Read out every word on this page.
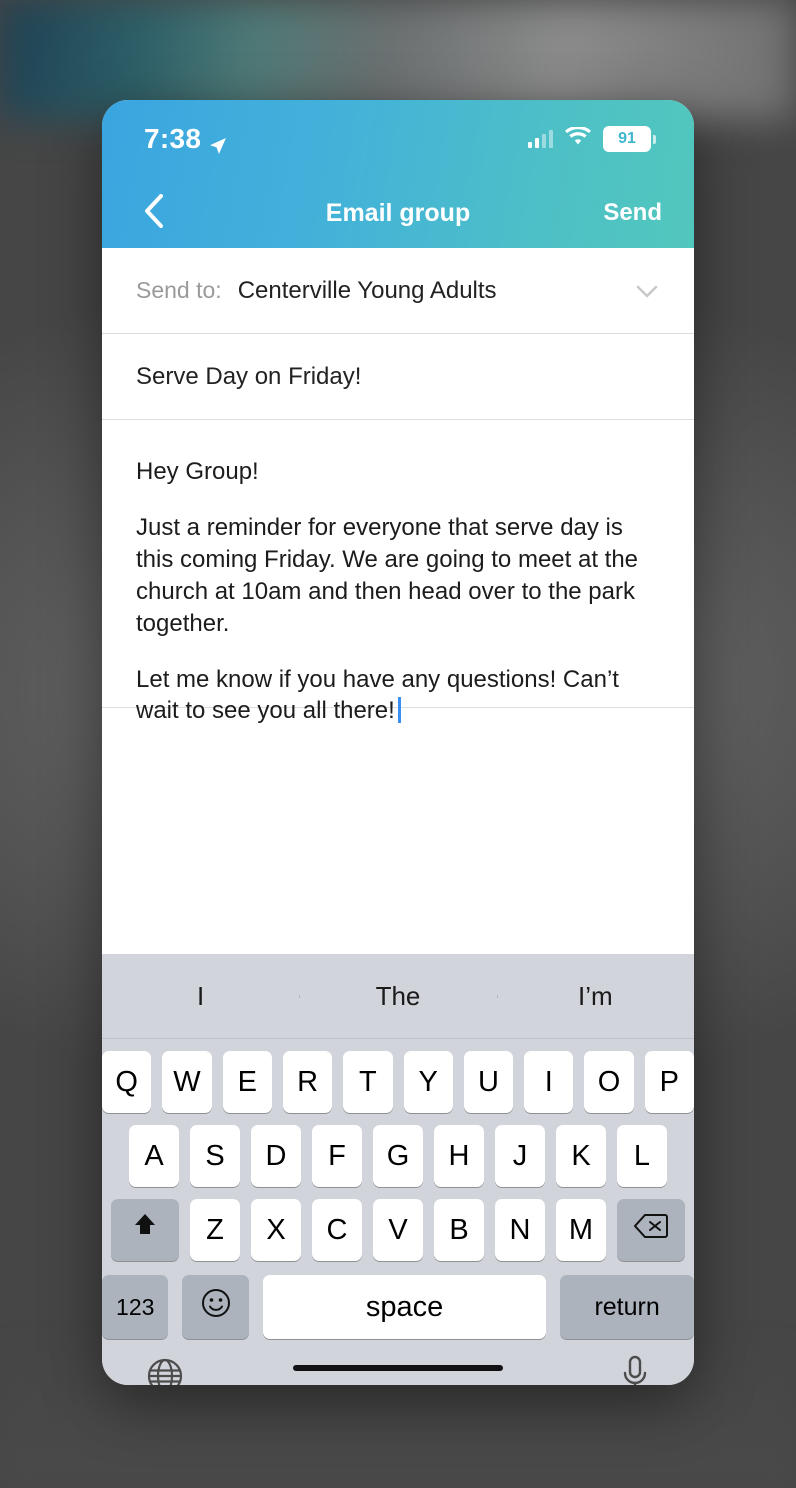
7:38	91
Email group	Send
Send to: Centerville Young Adults
Serve Day on Friday!

Hey Group!

Just a reminder for everyone that serve day is this coming Friday. We are going to meet at the church at 10am and then head over to the park together.

Let me know if you have any questions! Can’t wait to see you all there!

I	The	I’m
Q	W	E	R	T	Y	U	I	O	P
A	S	D	F	G	H	J	K	L
Z	X	C	V	B	N	M
123	space	return
